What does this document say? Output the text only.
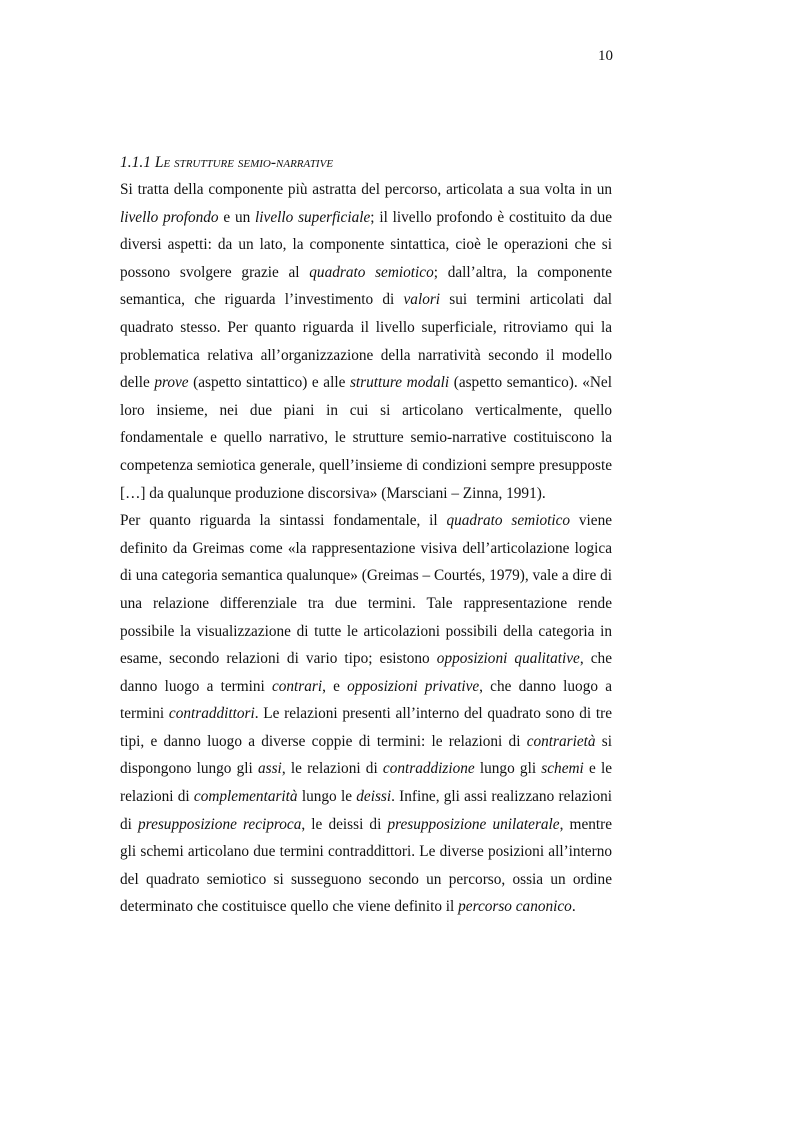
10
1.1.1 Le strutture semio-narrative

Si tratta della componente più astratta del percorso, articolata a sua volta in un livello profondo e un livello superficiale; il livello profondo è costituito da due diversi aspetti: da un lato, la componente sintattica, cioè le operazioni che si possono svolgere grazie al quadrato semiotico; dall’altra, la componente semantica, che riguarda l’investimento di valori sui termini articolati dal quadrato stesso. Per quanto riguarda il livello superficiale, ritroviamo qui la problematica relativa all’organizzazione della narratività secondo il modello delle prove (aspetto sintattico) e alle strutture modali (aspetto semantico). «Nel loro insieme, nei due piani in cui si articolano verticalmente, quello fondamentale e quello narrativo, le strutture semio-narrative costituiscono la competenza semiotica generale, quell’insieme di condizioni sempre presupposte […] da qualunque produzione discorsiva» (Marsciani – Zinna, 1991).

Per quanto riguarda la sintassi fondamentale, il quadrato semiotico viene definito da Greimas come «la rappresentazione visiva dell’articolazione logica di una categoria semantica qualunque» (Greimas – Courtés, 1979), vale a dire di una relazione differenziale tra due termini. Tale rappresentazione rende possibile la visualizzazione di tutte le articolazioni possibili della categoria in esame, secondo relazioni di vario tipo; esistono opposizioni qualitative, che danno luogo a termini contrari, e opposizioni privative, che danno luogo a termini contraddittori. Le relazioni presenti all’interno del quadrato sono di tre tipi, e danno luogo a diverse coppie di termini: le relazioni di contrarietà si dispongono lungo gli assi, le relazioni di contraddizione lungo gli schemi e le relazioni di complementarità lungo le deissi. Infine, gli assi realizzano relazioni di presupposizione reciproca, le deissi di presupposizione unilaterale, mentre gli schemi articolano due termini contraddittori. Le diverse posizioni all’interno del quadrato semiotico si susseguono secondo un percorso, ossia un ordine determinato che costituisce quello che viene definito il percorso canonico.
